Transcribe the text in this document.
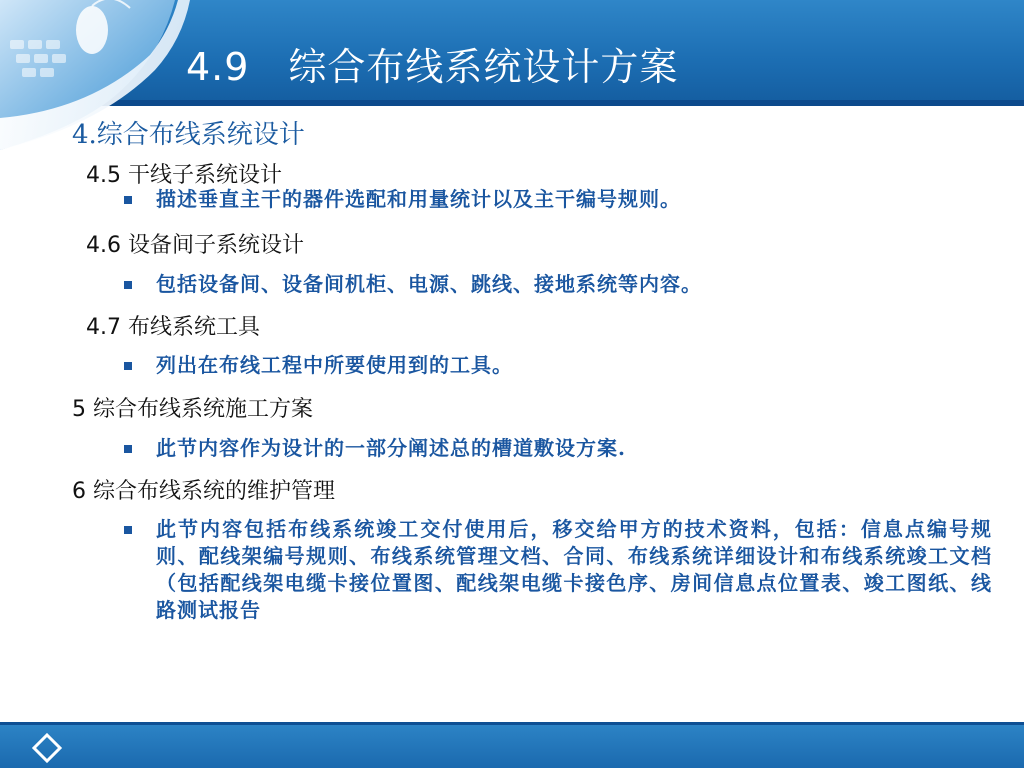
4.9　综合布线系统设计方案
4.综合布线系统设计
4.5 干线子系统设计
描述垂直主干的器件选配和用量统计以及主干编号规则。
4.6 设备间子系统设计
包括设备间、设备间机柜、电源、跳线、接地系统等内容。
4.7 布线系统工具
列出在布线工程中所要使用到的工具。
5 综合布线系统施工方案
此节内容作为设计的一部分阐述总的槽道敷设方案.
6 综合布线系统的维护管理
此节内容包括布线系统竣工交付使用后，移交给甲方的技术资料，包括：信息点编号规则、配线架编号规则、布线系统管理文档、合同、布线系统详细设计和布线系统竣工文档（包括配线架电缆卡接位置图、配线架电缆卡接色序、房间信息点位置表、竣工图纸、线路测试报告
